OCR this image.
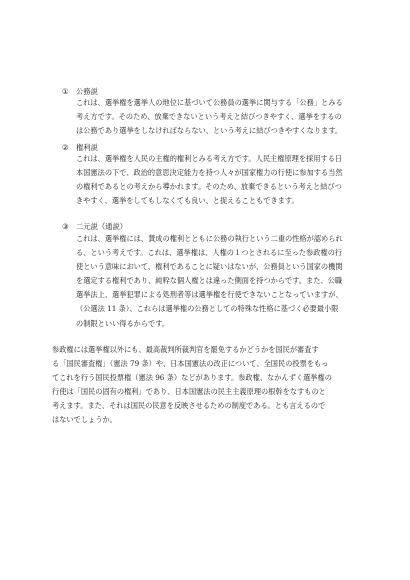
① 公務説
これは、選挙権を選挙人の地位に基づいて公務員の選挙に関与する「公務」とみる
考え方です。そのため、放棄できないという考えと結びつきやすく、選挙をするの
は公務であり選挙をしなければならない、という考えに結びつきやすくなります。
② 権利説
これは、選挙権を人民の主権的権利とみる考え方です。人民主権原理を採用する日
本国憲法の下で、政治的意思決定能力を持つ人々が国家権力の行使に参加する当然
の権利であるとの考えから導かれます。そのため、放棄できるという考えと結びつ
きやすく、選挙をしてもしなくても良い、と捉えることもできます。
③ 二元説（通説）
これは、選挙権には、賛成の権利とともに公務の執行という二重の性格が認められ
る、という考えです。これは、選挙権は、人権の１つとされるに至った参政権の行
使という意味において、権利であることに疑いはないが、公務員という国家の機関
を選定する権利であり、純粋な個人権とは違った側面を持つからです。また、公職
選挙法上、選挙犯罪による処刑者等は選挙権を行使できないことなっていますが、
（公選法 11 条）、これらは選挙権の公務としての特殊な性格に基づく必要最小限
の制限といい得るからです。
参政権には選挙権以外にも、最高裁判所裁判官を罷免するかどうかを国民が審査す
る「国民審査権」（憲法 79 条）や、日本国憲法の改正について、全国民の投票をもっ
てこれを行う国民投票権（憲法 96 条）などがあります。参政権、なかんずく選挙権の
行使は「国民の固有の権利」であり、日本国憲法の民主主義原理の根幹をなすものと
考えます。また、それは国民の民意を反映させるための制度である。とも言えるので
はないでしょうか。
